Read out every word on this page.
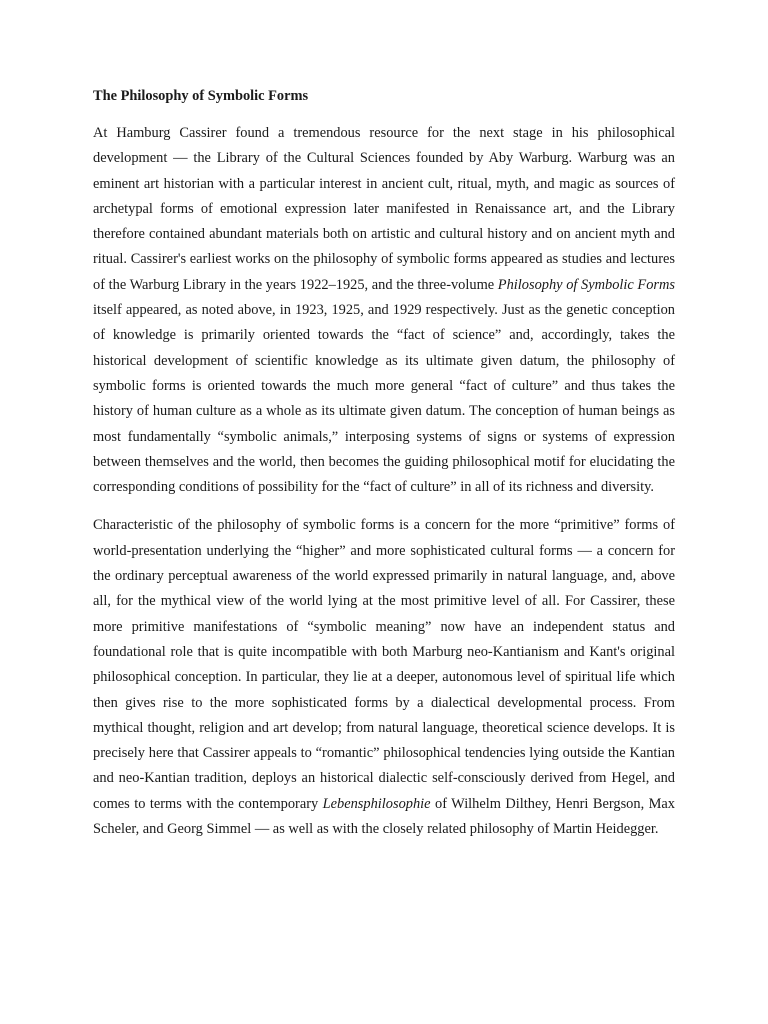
The Philosophy of Symbolic Forms

At Hamburg Cassirer found a tremendous resource for the next stage in his philosophical development — the Library of the Cultural Sciences founded by Aby Warburg. Warburg was an eminent art historian with a particular interest in ancient cult, ritual, myth, and magic as sources of archetypal forms of emotional expression later manifested in Renaissance art, and the Library therefore contained abundant materials both on artistic and cultural history and on ancient myth and ritual. Cassirer's earliest works on the philosophy of symbolic forms appeared as studies and lectures of the Warburg Library in the years 1922–1925, and the three-volume Philosophy of Symbolic Forms itself appeared, as noted above, in 1923, 1925, and 1929 respectively. Just as the genetic conception of knowledge is primarily oriented towards the “fact of science” and, accordingly, takes the historical development of scientific knowledge as its ultimate given datum, the philosophy of symbolic forms is oriented towards the much more general “fact of culture” and thus takes the history of human culture as a whole as its ultimate given datum. The conception of human beings as most fundamentally “symbolic animals,” interposing systems of signs or systems of expression between themselves and the world, then becomes the guiding philosophical motif for elucidating the corresponding conditions of possibility for the “fact of culture” in all of its richness and diversity.

Characteristic of the philosophy of symbolic forms is a concern for the more “primitive” forms of world-presentation underlying the “higher” and more sophisticated cultural forms — a concern for the ordinary perceptual awareness of the world expressed primarily in natural language, and, above all, for the mythical view of the world lying at the most primitive level of all. For Cassirer, these more primitive manifestations of “symbolic meaning” now have an independent status and foundational role that is quite incompatible with both Marburg neo-Kantianism and Kant's original philosophical conception. In particular, they lie at a deeper, autonomous level of spiritual life which then gives rise to the more sophisticated forms by a dialectical developmental process. From mythical thought, religion and art develop; from natural language, theoretical science develops. It is precisely here that Cassirer appeals to “romantic” philosophical tendencies lying outside the Kantian and neo-Kantian tradition, deploys an historical dialectic self-consciously derived from Hegel, and comes to terms with the contemporary Lebensphilosophie of Wilhelm Dilthey, Henri Bergson, Max Scheler, and Georg Simmel — as well as with the closely related philosophy of Martin Heidegger.
